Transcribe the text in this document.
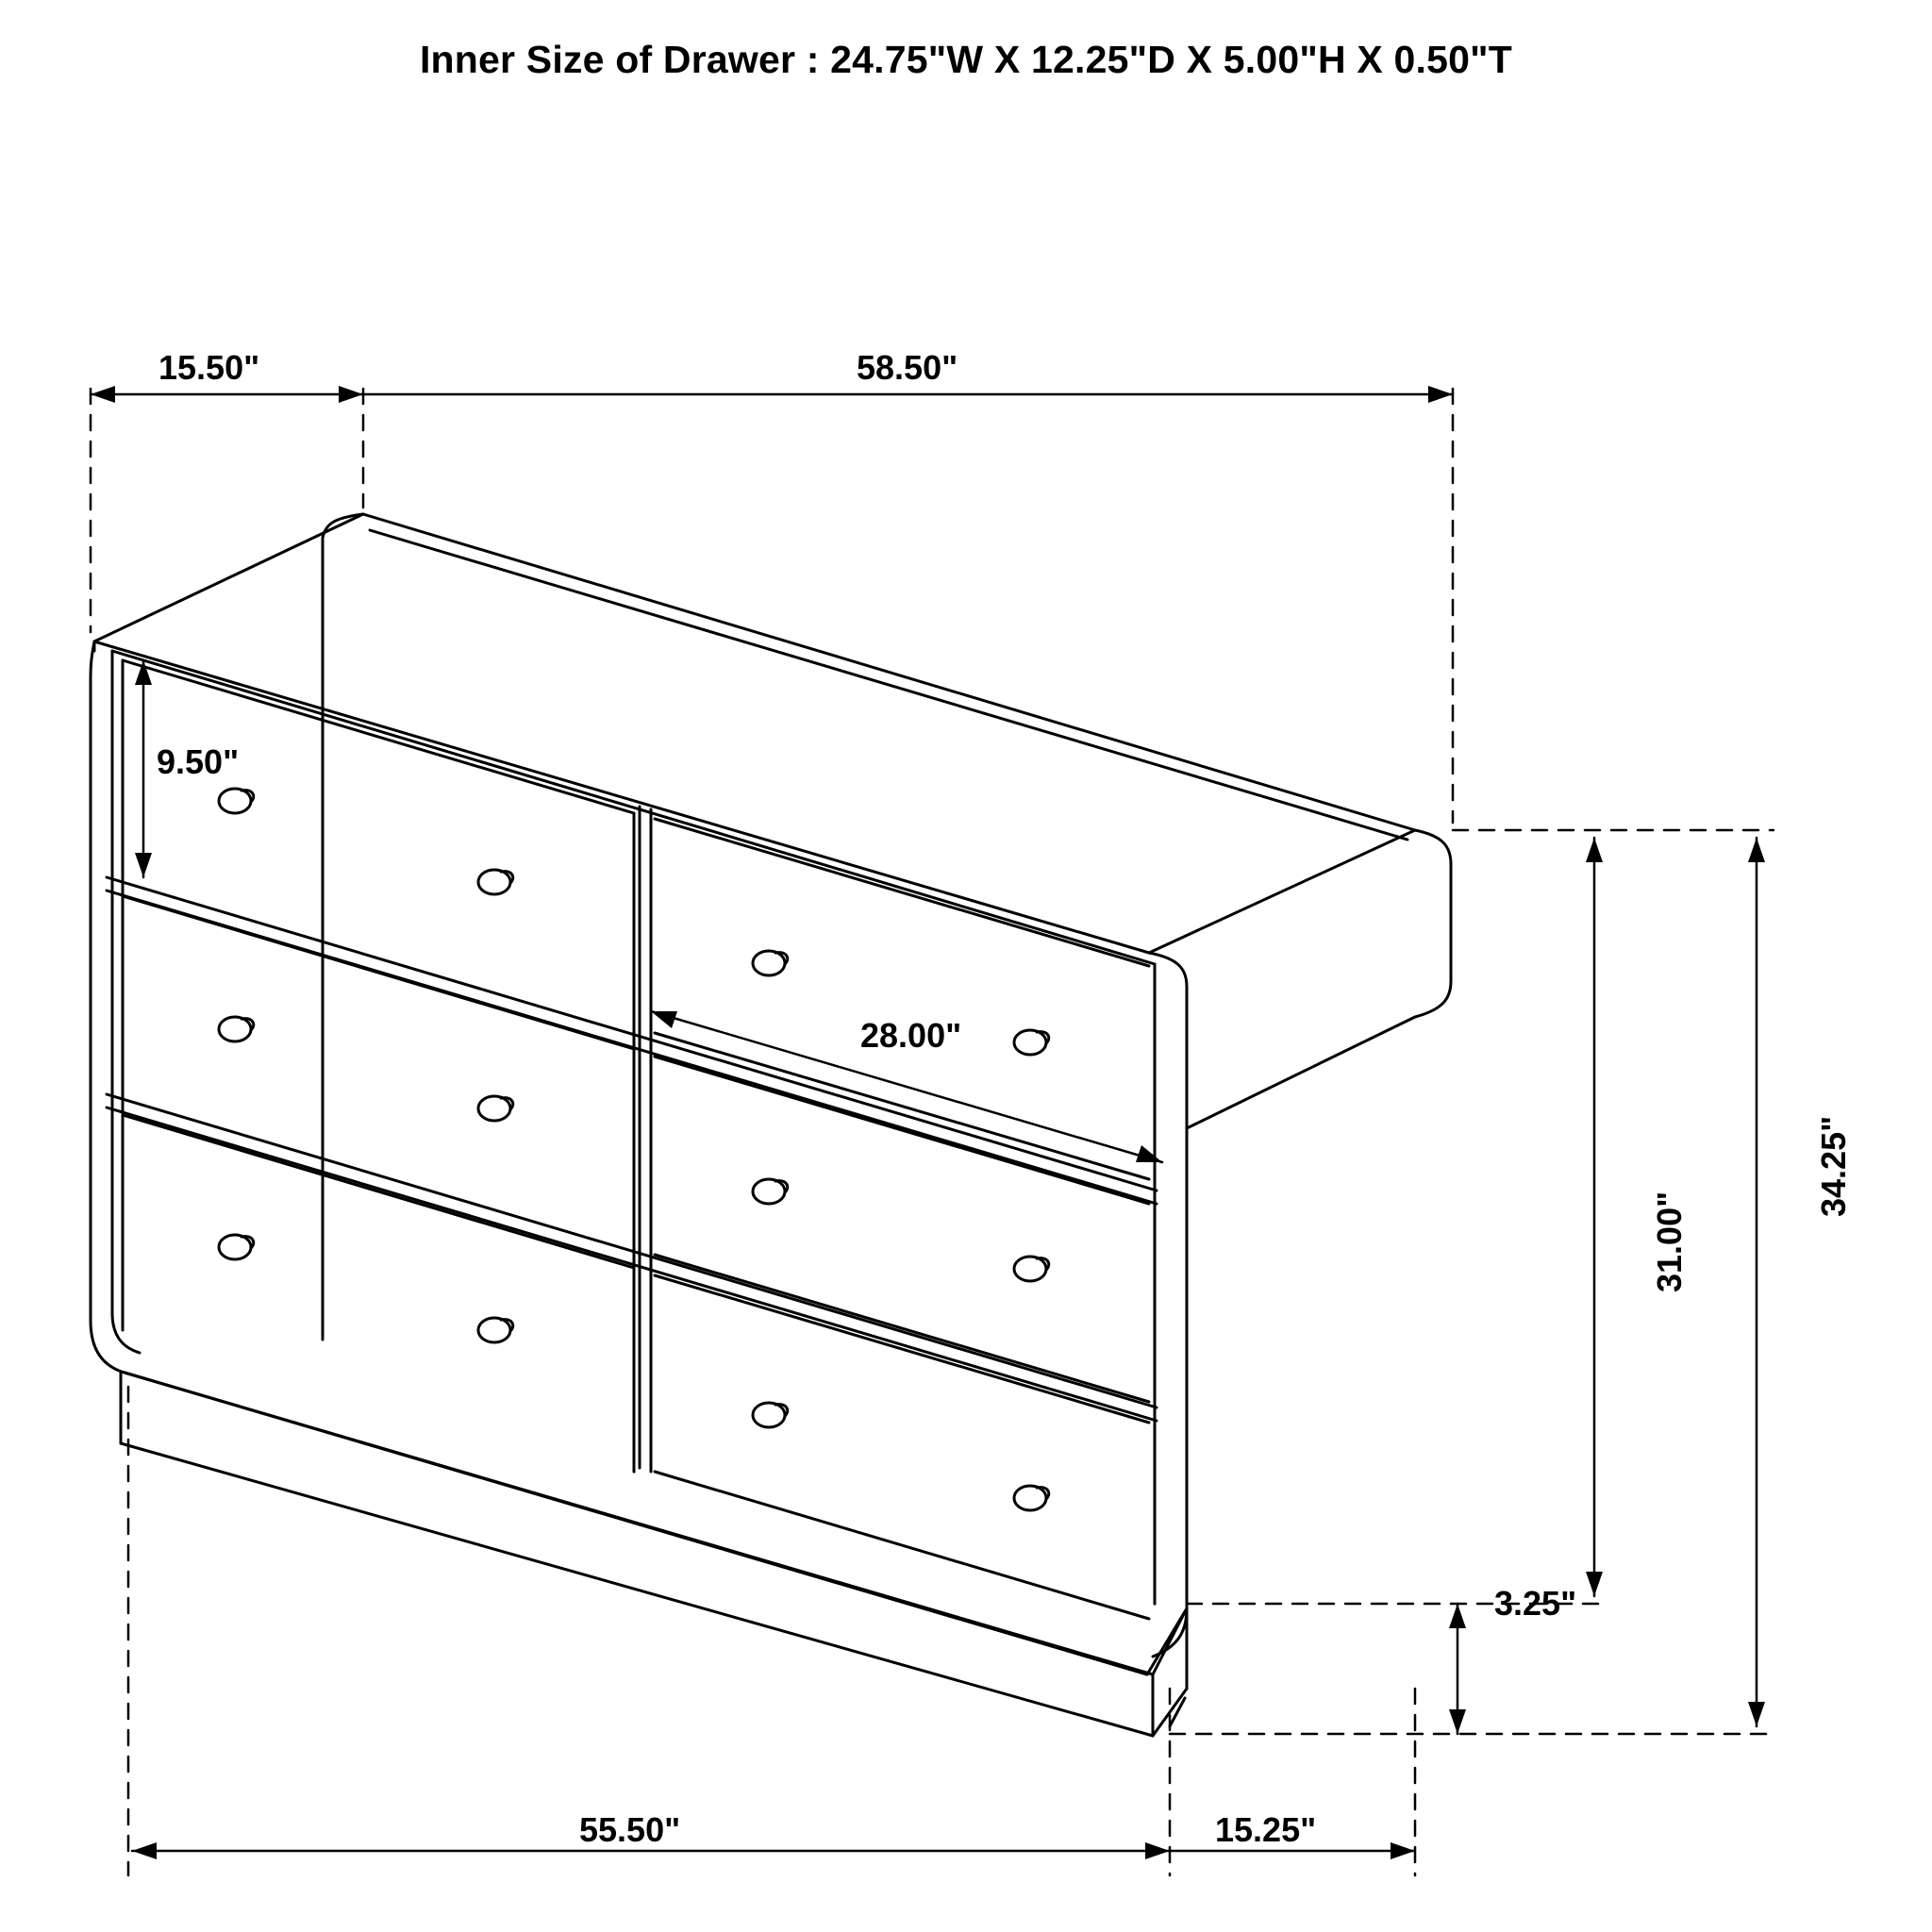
Inner Size of Drawer : 24.75"W X 12.25"D X 5.00"H X 0.50"T
15.50"	58.50"
9.50"
28.00"
34.25"
31.00"
3.25"
55.50"	15.25"
